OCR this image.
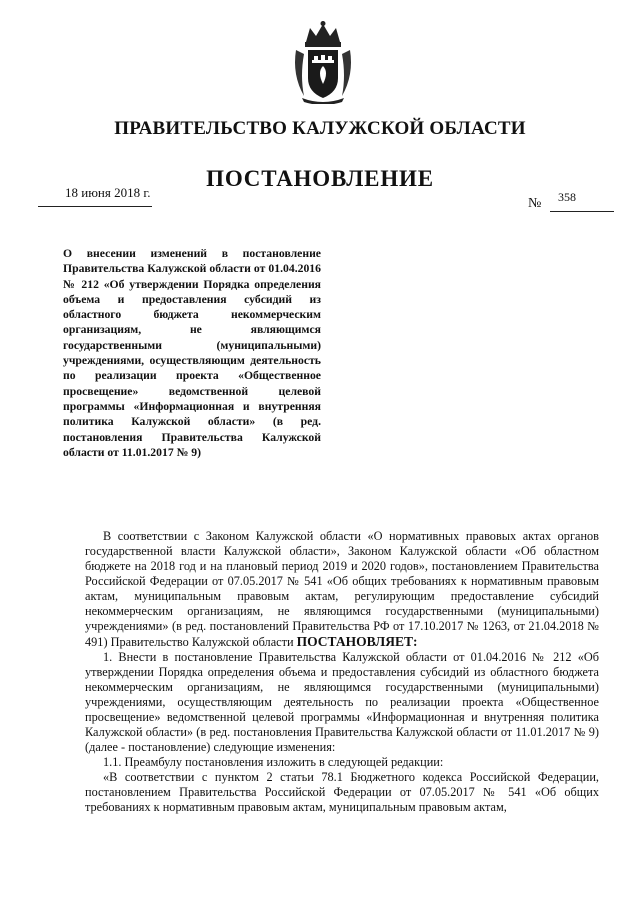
ПРАВИТЕЛЬСТВО КАЛУЖСКОЙ ОБЛАСТИ
ПОСТАНОВЛЕНИЕ
18 июня 2018 г.
№ 358
О внесении изменений в постановление Правительства Калужской области от 01.04.2016 № 212 «Об утверждении Порядка определения объема и предоставления субсидий из областного бюджета некоммерческим организациям, не являющимся государственными (муниципальными) учреждениями, осуществляющим деятельность по реализации проекта «Общественное просвещение» ведомственной целевой программы «Информационная и внутренняя политика Калужской области» (в ред. постановления Правительства Калужской области от 11.01.2017 № 9)

В соответствии с Законом Калужской области «О нормативных правовых актах органов государственной власти Калужской области», Законом Калужской области «Об областном бюджете на 2018 год и на плановый период 2019 и 2020 годов», постановлением Правительства Российской Федерации от 07.05.2017 № 541 «Об общих требованиях к нормативным правовым актам, муниципальным правовым актам, регулирующим предоставление субсидий некоммерческим организациям, не являющимся государственными (муниципальными) учреждениями» (в ред. постановлений Правительства РФ от 17.10.2017 № 1263, от 21.04.2018 № 491) Правительство Калужской области ПОСТАНОВЛЯЕТ:

1. Внести в постановление Правительства Калужской области от 01.04.2016 № 212 «Об утверждении Порядка определения объема и предоставления субсидий из областного бюджета некоммерческим организациям, не являющимся государственными (муниципальными) учреждениями, осуществляющим деятельность по реализации проекта «Общественное просвещение» ведомственной целевой программы «Информационная и внутренняя политика Калужской области» (в ред. постановления Правительства Калужской области от 11.01.2017 № 9) (далее - постановление) следующие изменения:

1.1. Преамбулу постановления изложить в следующей редакции:

«В соответствии с пунктом 2 статьи 78.1 Бюджетного кодекса Российской Федерации, постановлением Правительства Российской Федерации от 07.05.2017 № 541 «Об общих требованиях к нормативным правовым актам, муниципальным правовым актам,
